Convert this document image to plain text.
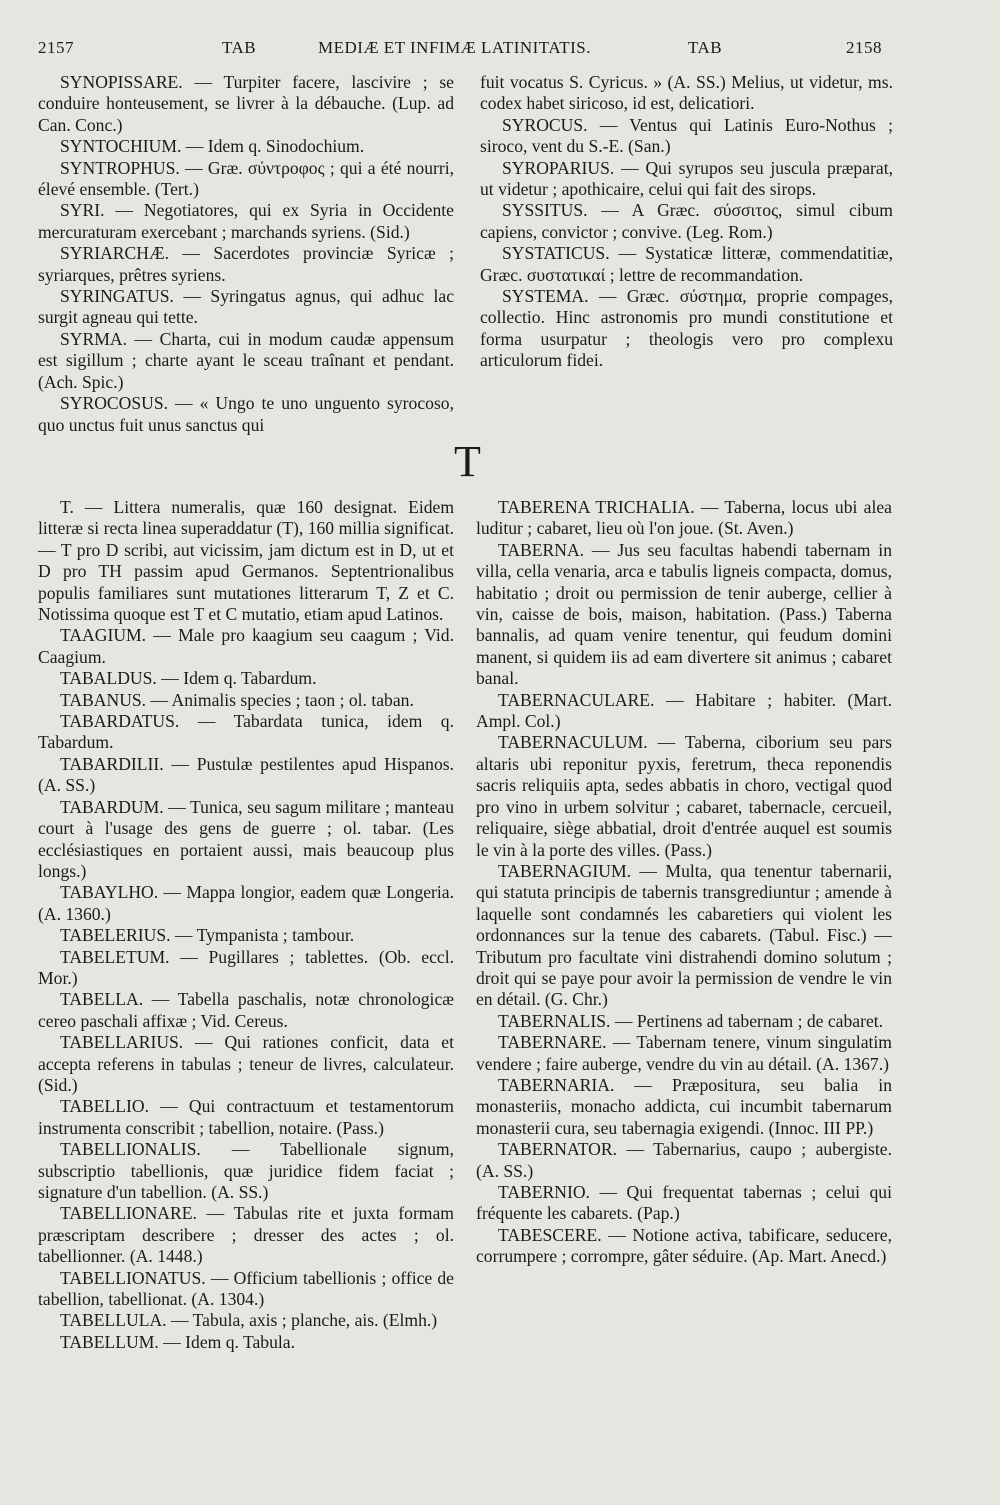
2157	TAB	MEDIÆ ET INFIMÆ LATINITATIS.	TAB	2158

SYNOPISSARE. — Turpiter facere, lascivire ; se conduire honteusement, se livrer à la débauche. (Lup. ad Can. Conc.)

SYNTOCHIUM. — Idem q. Sinodochium.

SYNTROPHUS. — Græ. σύντροφος ; qui a été nourri, élevé ensemble. (Tert.)

SYRI. — Negotiatores, qui ex Syria in Occidente mercuraturam exercebant ; marchands syriens. (Sid.)

SYRIARCHÆ. — Sacerdotes provinciæ Syricæ ; syriarques, prêtres syriens.

SYRINGATUS. — Syringatus agnus, qui adhuc lac surgit agneau qui tette.

SYRMA. — Charta, cui in modum caudæ appensum est sigillum ; charte ayant le sceau traînant et pendant. (Ach. Spic.)

SYROCOSUS. — « Ungo te uno unguento syrocoso, quo unctus fuit unus sanctus qui

fuit vocatus S. Cyricus. » (A. SS.) Melius, ut videtur, ms. codex habet siricoso, id est, delicatiori.

SYROCUS. — Ventus qui Latinis Euro-Nothus ; siroco, vent du S.-E. (San.)

SYROPARIUS. — Qui syrupos seu juscula præparat, ut videtur ; apothicaire, celui qui fait des sirops.

SYSSITUS. — A Græc. σύσσιτος, simul cibum capiens, convictor ; convive. (Leg. Rom.)

SYSTATICUS. — Systaticæ litteræ, commendatitiæ, Græc. συστατικαί ; lettre de recommandation.

SYSTEMA. — Græc. σύστημα, proprie compages, collectio. Hinc astronomis pro mundi constitutione et forma usurpatur ; theologis vero pro complexu articulorum fidei.

T

T. — Littera numeralis, quæ 160 designat. Eidem litteræ si recta linea superaddatur (T), 160 millia significat. — T pro D scribi, aut vicissim, jam dictum est in D, ut et D pro TH passim apud Germanos. Septentrionalibus populis familiares sunt mutationes litterarum T, Z et C. Notissima quoque est T et C mutatio, etiam apud Latinos.

TAAGIUM. — Male pro kaagium seu caagum ; Vid. Caagium.

TABALDUS. — Idem q. Tabardum.

TABANUS. — Animalis species ; taon ; ol. taban.

TABARDATUS. — Tabardata tunica, idem q. Tabardum.

TABARDILII. — Pustulæ pestilentes apud Hispanos. (A. SS.)

TABARDUM. — Tunica, seu sagum militare ; manteau court à l'usage des gens de guerre ; ol. tabar. (Les ecclésiastiques en portaient aussi, mais beaucoup plus longs.)

TABAYLHO. — Mappa longior, eadem quæ Longeria. (A. 1360.)

TABELERIUS. — Tympanista ; tambour.

TABELETUM. — Pugillares ; tablettes. (Ob. eccl. Mor.)

TABELLA. — Tabella paschalis, notæ chronologicæ cereo paschali affixæ ; Vid. Cereus.

TABELLARIUS. — Qui rationes conficit, data et accepta referens in tabulas ; teneur de livres, calculateur. (Sid.)

TABELLIO. — Qui contractuum et testamentorum instrumenta conscribit ; tabellion, notaire. (Pass.)

TABELLIONALIS. — Tabellionale signum, subscriptio tabellionis, quæ juridice fidem faciat ; signature d'un tabellion. (A. SS.)

TABELLIONARE. — Tabulas rite et juxta formam præscriptam describere ; dresser des actes ; ol. tabellionner. (A. 1448.)

TABELLIONATUS. — Officium tabellionis ; office de tabellion, tabellionat. (A. 1304.)

TABELLULA. — Tabula, axis ; planche, ais. (Elmh.)

TABELLUM. — Idem q. Tabula.

TABERENA TRICHALIA. — Taberna, locus ubi alea luditur ; cabaret, lieu où l'on joue. (St. Aven.)

TABERNA. — Jus seu facultas habendi tabernam in villa, cella venaria, arca e tabulis ligneis compacta, domus, habitatio ; droit ou permission de tenir auberge, cellier à vin, caisse de bois, maison, habitation. (Pass.) Taberna bannalis, ad quam venire tenentur, qui feudum domini manent, si quidem iis ad eam divertere sit animus ; cabaret banal.

TABERNACULARE. — Habitare ; habiter. (Mart. Ampl. Col.)

TABERNACULUM. — Taberna, ciborium seu pars altaris ubi reponitur pyxis, feretrum, theca reponendis sacris reliquiis apta, sedes abbatis in choro, vectigal quod pro vino in urbem solvitur ; cabaret, tabernacle, cercueil, reliquaire, siège abbatial, droit d'entrée auquel est soumis le vin à la porte des villes. (Pass.)

TABERNAGIUM. — Multa, qua tenentur tabernarii, qui statuta principis de tabernis transgrediuntur ; amende à laquelle sont condamnés les cabaretiers qui violent les ordonnances sur la tenue des cabarets. (Tabul. Fisc.) — Tributum pro facultate vini distrahendi domino solutum ; droit qui se paye pour avoir la permission de vendre le vin en détail. (G. Chr.)

TABERNALIS. — Pertinens ad tabernam ; de cabaret.

TABERNARE. — Tabernam tenere, vinum singulatim vendere ; faire auberge, vendre du vin au détail. (A. 1367.)

TABERNARIA. — Præpositura, seu balia in monasteriis, monacho addicta, cui incumbit tabernarum monasterii cura, seu tabernagia exigendi. (Innoc. III PP.)

TABERNATOR. — Tabernarius, caupo ; aubergiste. (A. SS.)

TABERNIO. — Qui frequentat tabernas ; celui qui fréquente les cabarets. (Pap.)

TABESCERE. — Notione activa, tabificare, seducere, corrumpere ; corrompre, gâter séduire. (Ap. Mart. Anecd.)
